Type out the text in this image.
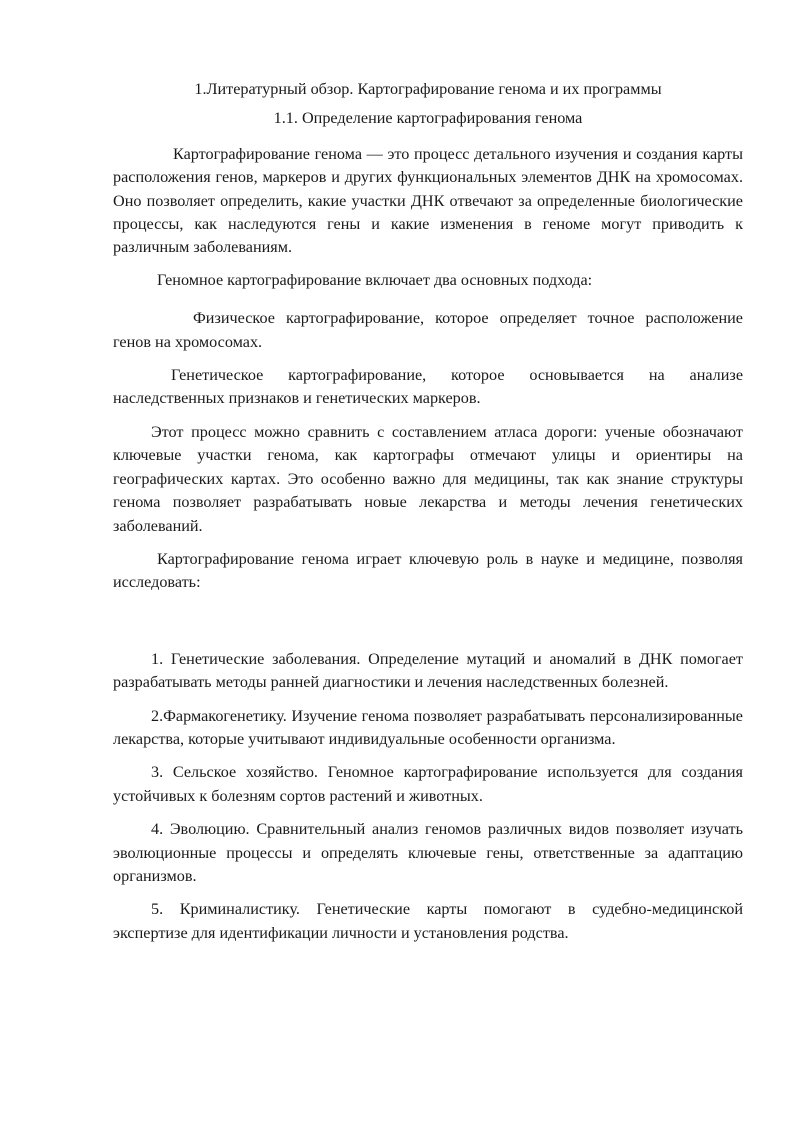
1.Литературный обзор. Картографирование генома и их программы

1.1. Определение картографирования генома

Картографирование генома — это процесс детального изучения и создания карты расположения генов, маркеров и других функциональных элементов ДНК на хромосомах. Оно позволяет определить, какие участки ДНК отвечают за определенные биологические процессы, как наследуются гены и какие изменения в геноме могут приводить к различным заболеваниям.

Геномное картографирование включает два основных подхода:

Физическое картографирование, которое определяет точное расположение генов на хромосомах.

Генетическое картографирование, которое основывается на анализе наследственных признаков и генетических маркеров.

Этот процесс можно сравнить с составлением атласа дороги: ученые обозначают ключевые участки генома, как картографы отмечают улицы и ориентиры на географических картах. Это особенно важно для медицины, так как знание структуры генома позволяет разрабатывать новые лекарства и методы лечения генетических заболеваний.

Картографирование генома играет ключевую роль в науке и медицине, позволяя исследовать:

1. Генетические заболевания. Определение мутаций и аномалий в ДНК помогает разрабатывать методы ранней диагностики и лечения наследственных болезней.

2.Фармакогенетику. Изучение генома позволяет разрабатывать персонализированные лекарства, которые учитывают индивидуальные особенности организма.

3. Сельское хозяйство. Геномное картографирование используется для создания устойчивых к болезням сортов растений и животных.

4. Эволюцию. Сравнительный анализ геномов различных видов позволяет изучать эволюционные процессы и определять ключевые гены, ответственные за адаптацию организмов.

5. Криминалистику. Генетические карты помогают в судебно-медицинской экспертизе для идентификации личности и установления родства.
